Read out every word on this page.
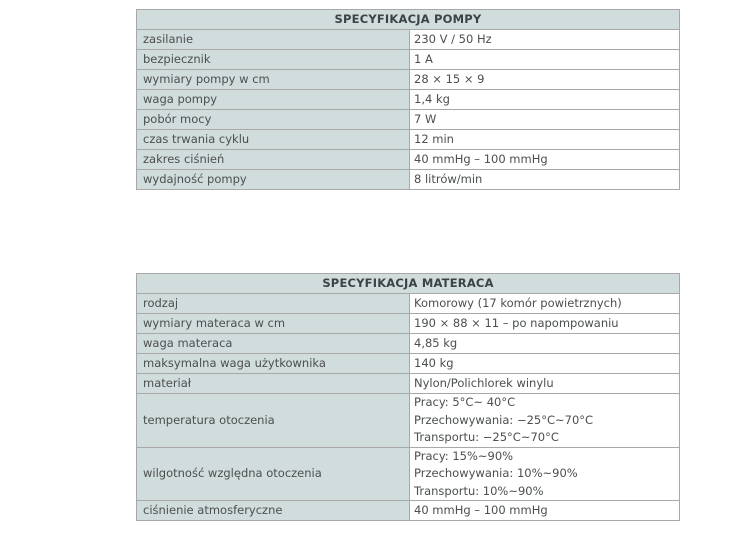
SPECYFIKACJA POMPY	
zasilanie	230 V / 50 Hz
bezpiecznik	1 A
wymiary pompy w cm	28 × 15 × 9
waga pompy	1,4 kg
pobór mocy	7 W
czas trwania cyklu	12 min
zakres ciśnień	40 mmHg – 100 mmHg
wydajność pompy	8 litrów/min
SPECYFIKACJA MATERACA	
rodzaj	Komorowy (17 komór powietrznych)
wymiary materaca w cm	190 × 88 × 11 – po napompowaniu
waga materaca	4,85 kg
maksymalna waga użytkownika	140 kg
materiał	Nylon/Polichlorek winylu
temperatura otoczenia	Pracy: 5°C~ 40°C
Przechowywania: −25°C~70°C
Transportu: −25°C~70°C

wilgotność względna otoczenia	Pracy: 15%~90%
Przechowywania: 10%~90%
Transportu: 10%~90%

ciśnienie atmosferyczne	40 mmHg – 100 mmHg
